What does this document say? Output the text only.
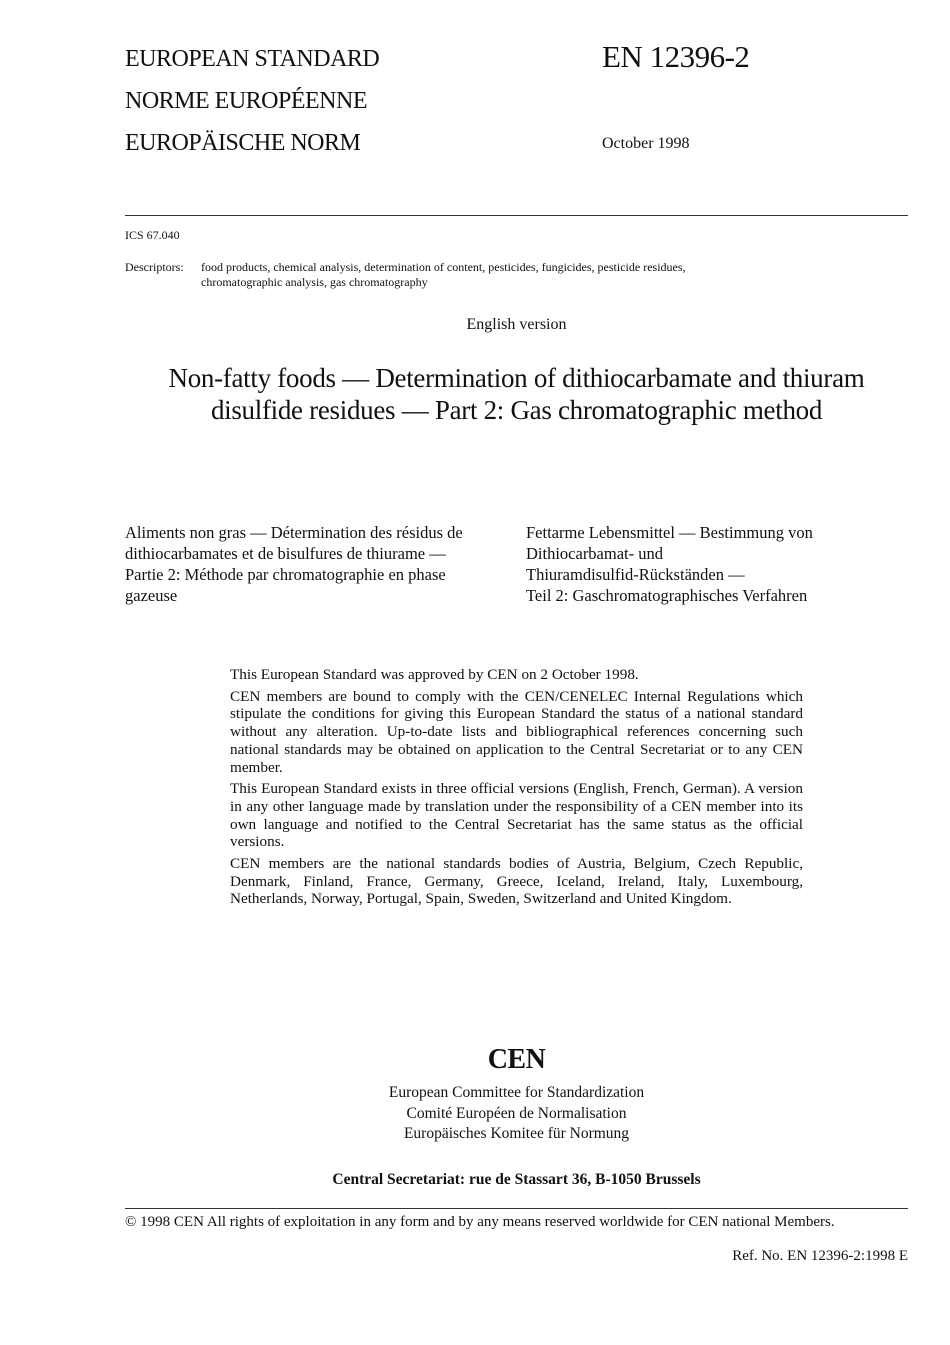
EUROPEAN STANDARD
NORME EUROPÉENNE
EUROPÄISCHE NORM
EN 12396-2
October 1998
ICS 67.040
Descriptors:	food products, chemical analysis, determination of content, pesticides, fungicides, pesticide residues,
chromatographic analysis, gas chromatography
English version
Non-fatty foods — Determination of dithiocarbamate and thiuram
disulfide residues — Part 2: Gas chromatographic method
Aliments non gras — Détermination des résidus de
dithiocarbamates et de bisulfures de thiurame —
Partie 2: Méthode par chromatographie en phase
gazeuse
Fettarme Lebensmittel — Bestimmung von
Dithiocarbamat- und
Thiuramdisulfid-Rückständen —
Teil 2: Gaschromatographisches Verfahren

This European Standard was approved by CEN on 2 October 1998.

CEN members are bound to comply with the CEN/CENELEC Internal Regulations which stipulate the conditions for giving this European Standard the status of a national standard without any alteration. Up-to-date lists and bibliographical references concerning such national standards may be obtained on application to the Central Secretariat or to any CEN member.

This European Standard exists in three official versions (English, French, German). A version in any other language made by translation under the responsibility of a CEN member into its own language and notified to the Central Secretariat has the same status as the official versions.

CEN members are the national standards bodies of Austria, Belgium, Czech Republic, Denmark, Finland, France, Germany, Greece, Iceland, Ireland, Italy, Luxembourg, Netherlands, Norway, Portugal, Spain, Sweden, Switzerland and United Kingdom.

CEN
European Committee for Standardization
Comité Européen de Normalisation
Europäisches Komitee für Normung
Central Secretariat: rue de Stassart 36, B-1050 Brussels
© 1998 CEN All rights of exploitation in any form and by any means reserved worldwide for CEN national Members.
Ref. No. EN 12396-2:1998 E
